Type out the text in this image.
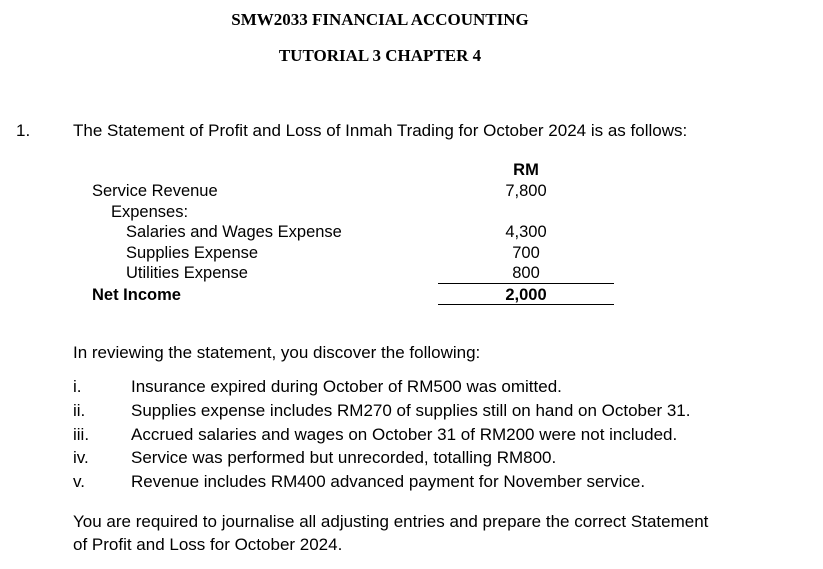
SMW2033 FINANCIAL ACCOUNTING
TUTORIAL 3 CHAPTER 4
1.	The Statement of Profit and Loss of Inmah Trading for October 2024 is as follows:
RM
Service Revenue	7,800
Expenses:
Salaries and Wages Expense	4,300
Supplies Expense	700
Utilities Expense	800
Net Income	2,000
In reviewing the statement, you discover the following:
i.	Insurance expired during October of RM500 was omitted.
ii.	Supplies expense includes RM270 of supplies still on hand on October 31.
iii. Accrued salaries and wages on October 31 of RM200 were not included.
iv. Service was performed but unrecorded, totalling RM800.
v.	Revenue includes RM400 advanced payment for November service.
You are required to journalise all adjusting entries and prepare the correct Statement
of Profit and Loss for October 2024.
